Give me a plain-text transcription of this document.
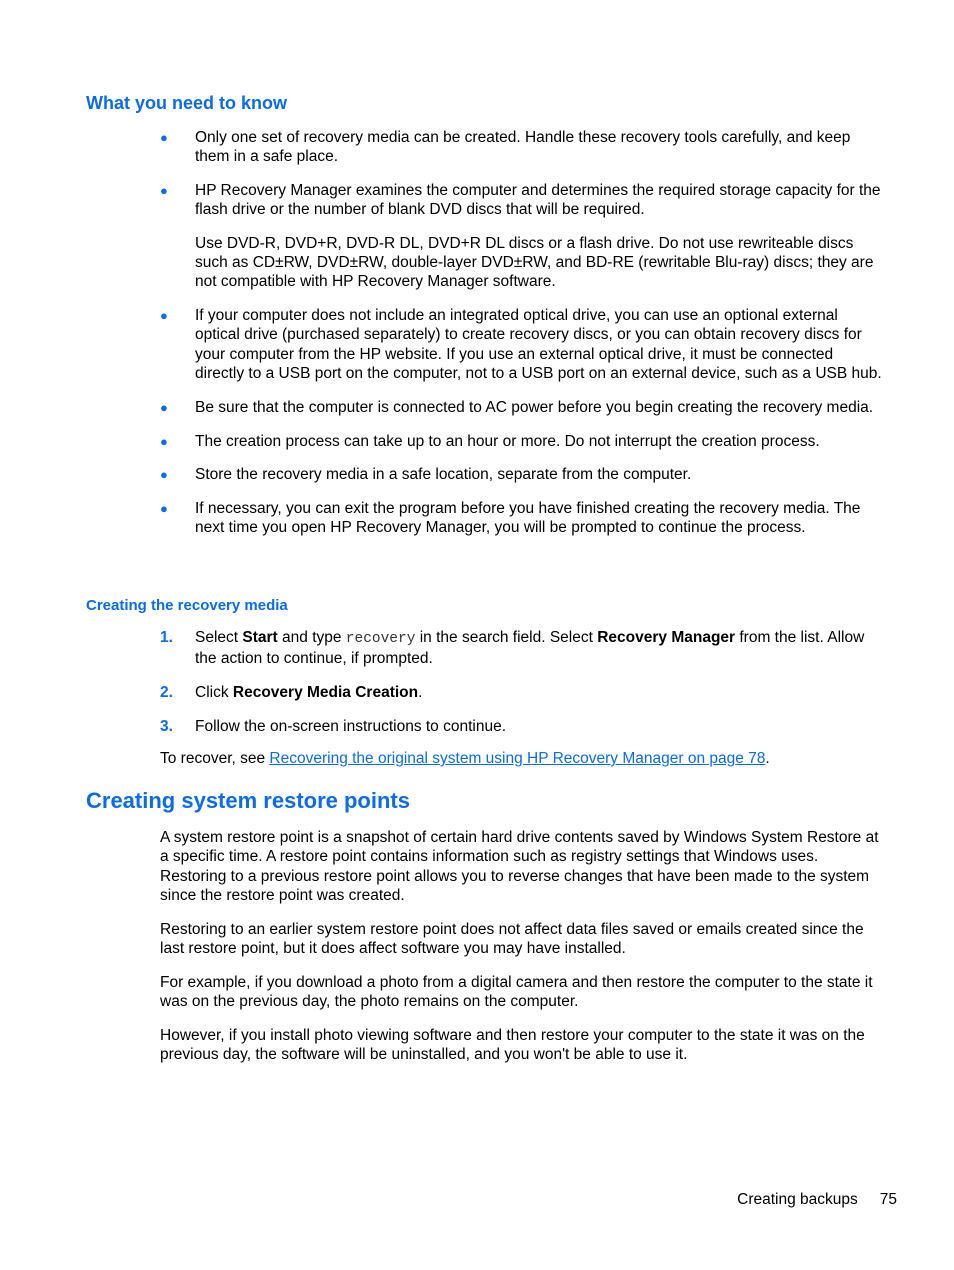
What you need to know
● Only one set of recovery media can be created. Handle these recovery tools carefully, and keep them in a safe place.

● HP Recovery Manager examines the computer and determines the required storage capacity for the flash drive or the number of blank DVD discs that will be required.

Use DVD-R, DVD+R, DVD-R DL, DVD+R DL discs or a flash drive. Do not use rewriteable discs such as CD±RW, DVD±RW, double-layer DVD±RW, and BD-RE (rewritable Blu-ray) discs; they are not compatible with HP Recovery Manager software.

● If your computer does not include an integrated optical drive, you can use an optional external optical drive (purchased separately) to create recovery discs, or you can obtain recovery discs for your computer from the HP website. If you use an external optical drive, it must be connected directly to a USB port on the computer, not to a USB port on an external device, such as a USB hub.

● Be sure that the computer is connected to AC power before you begin creating the recovery media.

● The creation process can take up to an hour or more. Do not interrupt the creation process.

● Store the recovery media in a safe location, separate from the computer.

● If necessary, you can exit the program before you have finished creating the recovery media. The next time you open HP Recovery Manager, you will be prompted to continue the process.

Creating the recovery media
1. Select Start and type recovery in the search field. Select Recovery Manager from the list. Allow the action to continue, if prompted.
2. Click Recovery Media Creation.
3. Follow the on-screen instructions to continue.
To recover, see Recovering the original system using HP Recovery Manager on page 78.
Creating system restore points

A system restore point is a snapshot of certain hard drive contents saved by Windows System Restore at a specific time. A restore point contains information such as registry settings that Windows uses. Restoring to a previous restore point allows you to reverse changes that have been made to the system since the restore point was created.

Restoring to an earlier system restore point does not affect data files saved or emails created since the last restore point, but it does affect software you may have installed.

For example, if you download a photo from a digital camera and then restore the computer to the state it was on the previous day, the photo remains on the computer.

However, if you install photo viewing software and then restore your computer to the state it was on the previous day, the software will be uninstalled, and you won't be able to use it.

Creating backups 75
